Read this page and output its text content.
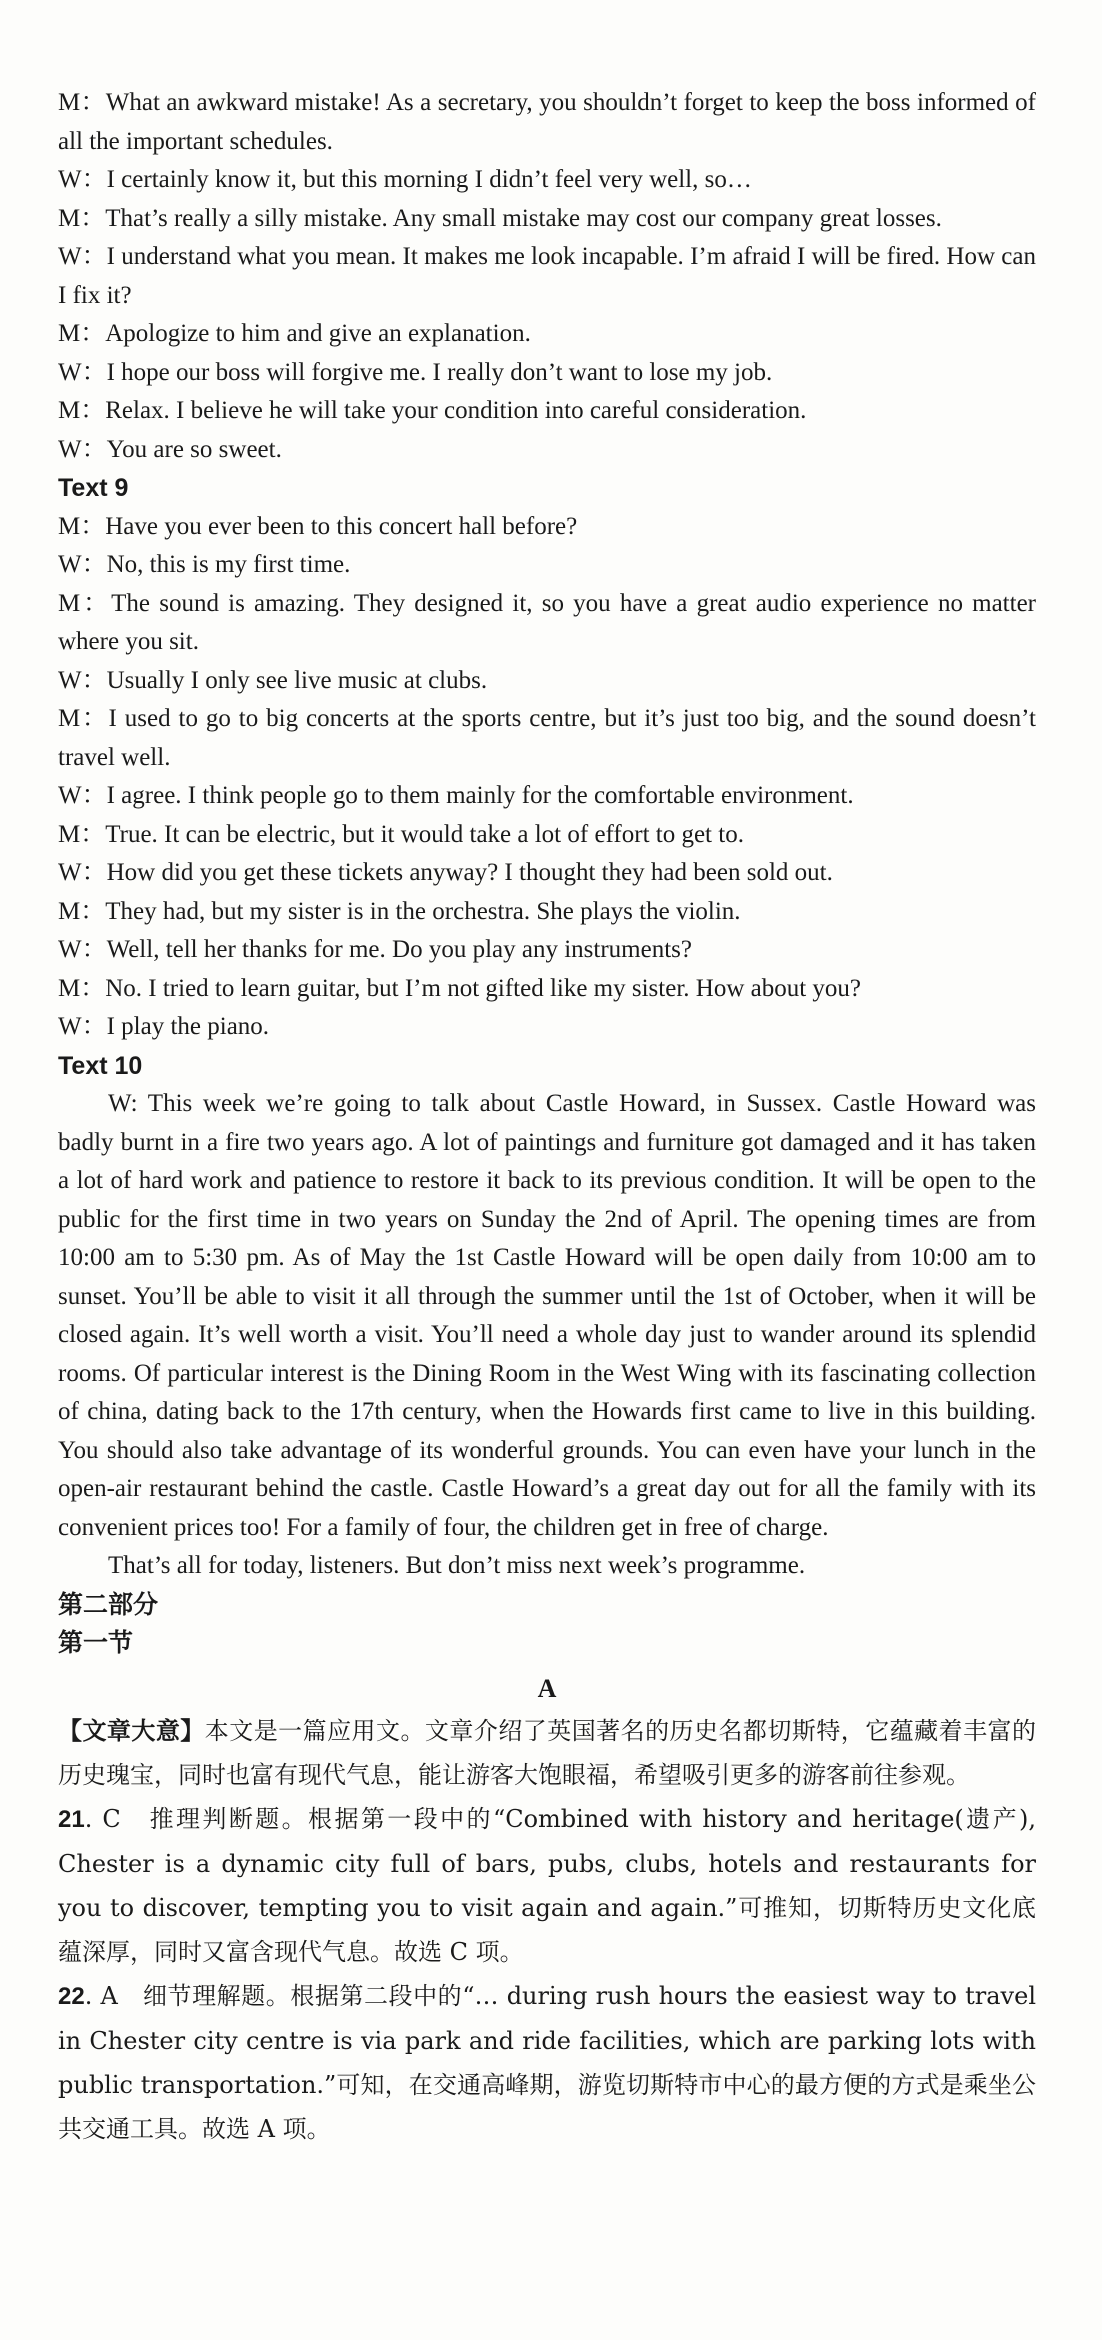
M：What an awkward mistake! As a secretary, you shouldn’t forget to keep the boss informed of all the important schedules.

W：I certainly know it, but this morning I didn’t feel very well, so…

M：That’s really a silly mistake. Any small mistake may cost our company great losses.

W：I understand what you mean. It makes me look incapable. I’m afraid I will be fired. How can I fix it?

M：Apologize to him and give an explanation.

W：I hope our boss will forgive me. I really don’t want to lose my job.

M：Relax. I believe he will take your condition into careful consideration.

W：You are so sweet.

Text 9

M：Have you ever been to this concert hall before?

W：No, this is my first time.

M：The sound is amazing. They designed it, so you have a great audio experience no matter where you sit.

W：Usually I only see live music at clubs.

M：I used to go to big concerts at the sports centre, but it’s just too big, and the sound doesn’t travel well.

W：I agree. I think people go to them mainly for the comfortable environment.

M：True. It can be electric, but it would take a lot of effort to get to.

W：How did you get these tickets anyway? I thought they had been sold out.

M：They had, but my sister is in the orchestra. She plays the violin.

W：Well, tell her thanks for me. Do you play any instruments?

M：No. I tried to learn guitar, but I’m not gifted like my sister. How about you?

W：I play the piano.

Text 10

W: This week we’re going to talk about Castle Howard, in Sussex. Castle Howard was badly burnt in a fire two years ago. A lot of paintings and furniture got damaged and it has taken a lot of hard work and patience to restore it back to its previous condition. It will be open to the public for the first time in two years on Sunday the 2nd of April. The opening times are from 10:00 am to 5:30 pm. As of May the 1st Castle Howard will be open daily from 10:00 am to sunset. You’ll be able to visit it all through the summer until the 1st of October, when it will be closed again. It’s well worth a visit. You’ll need a whole day just to wander around its splendid rooms. Of particular interest is the Dining Room in the West Wing with its fascinating collection of china, dating back to the 17th century, when the Howards first came to live in this building. You should also take advantage of its wonderful grounds. You can even have your lunch in the open-air restaurant behind the castle. Castle Howard’s a great day out for all the family with its convenient prices too! For a family of four, the children get in free of charge.

That’s all for today, listeners. But don’t miss next week’s programme.

第二部分

第一节

A

【文章大意】本文是一篇应用文。文章介绍了英国著名的历史名都切斯特，它蕴藏着丰富的历史瑰宝，同时也富有现代气息，能让游客大饱眼福，希望吸引更多的游客前往参观。

21. C　推理判断题。根据第一段中的“Combined with history and heritage(遗产), Chester is a dynamic city full of bars, pubs, clubs, hotels and restaurants for you to discover, tempting you to visit again and again.”可推知，切斯特历史文化底蕴深厚，同时又富含现代气息。故选 C 项。

22. A　细节理解题。根据第二段中的“… during rush hours the easiest way to travel in Chester city centre is via park and ride facilities, which are parking lots with public transportation.”可知，在交通高峰期，游览切斯特市中心的最方便的方式是乘坐公共交通工具。故选 A 项。
